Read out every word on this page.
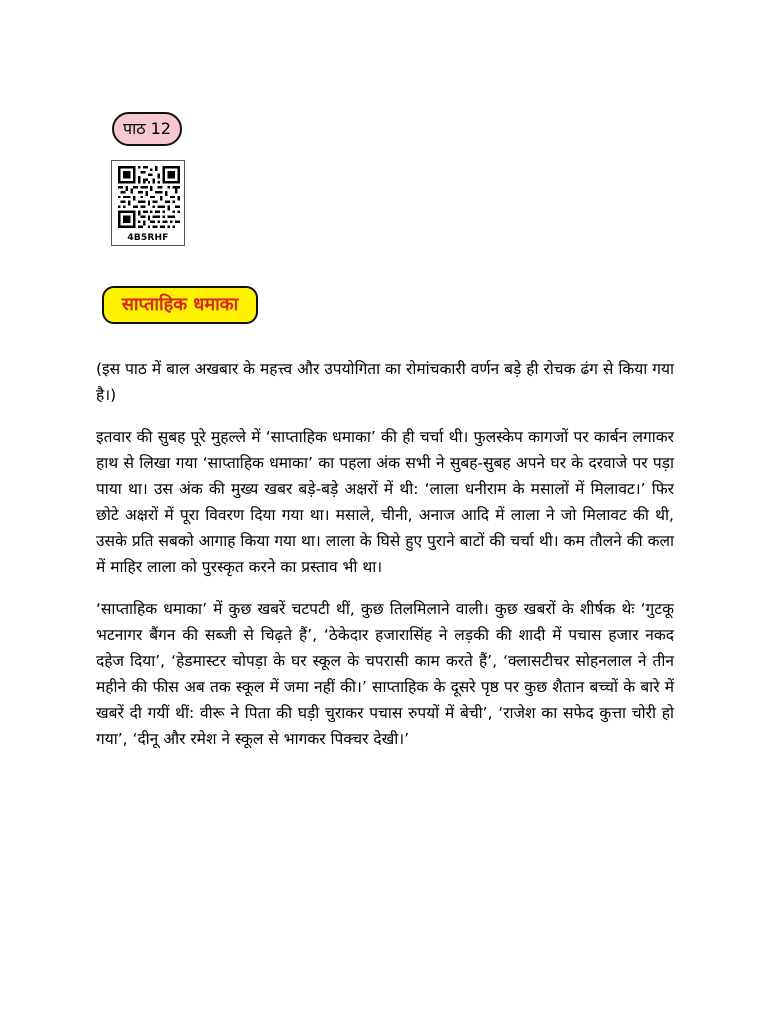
पाठ 12
4B5RHF
साप्ताहिक धमाका

(इस पाठ में बाल अखबार के महत्त्व और उपयोगिता का रोमांचकारी वर्णन बड़े ही रोचक ढंग से किया गया है।)

इतवार की सुबह पूरे मुहल्ले में ‘साप्ताहिक धमाका’ की ही चर्चा थी। फुलस्केप कागजों पर कार्बन लगाकर हाथ से लिखा गया ‘साप्ताहिक धमाका’ का पहला अंक सभी ने सुबह-सुबह अपने घर के दरवाजे पर पड़ा पाया था। उस अंक की मुख्य खबर बड़े-बड़े अक्षरों में थी: ‘लाला धनीराम के मसालों में मिलावट।’ फिर छोटे अक्षरों में पूरा विवरण दिया गया था। मसाले, चीनी, अनाज आदि में लाला ने जो मिलावट की थी, उसके प्रति सबको आगाह किया गया था। लाला के घिसे हुए पुराने बाटों की चर्चा थी। कम तौलने की कला में माहिर लाला को पुरस्कृत करने का प्रस्ताव भी था।

‘साप्ताहिक धमाका’ में कुछ खबरें चटपटी थीं, कुछ तिलमिलाने वाली। कुछ खबरों के शीर्षक थेः ‘गुटकू भटनागर बैंगन की सब्जी से चिढ़ते हैं’, ‘ठेकेदार हजारासिंह ने लड़की की शादी में पचास हजार नकद दहेज दिया’, ‘हेडमास्टर चोपड़ा के घर स्कूल के चपरासी काम करते हैं’, ‘क्लासटीचर सोहनलाल ने तीन महीने की फीस अब तक स्कूल में जमा नहीं की।’ साप्ताहिक के दूसरे पृष्ठ पर कुछ शैतान बच्चों के बारे में खबरें दी गयीं थीं: वीरू ने पिता की घड़ी चुराकर पचास रुपयों में बेची’, ‘राजेश का सफेद कुत्ता चोरी हो गया’, ‘दीनू और रमेश ने स्कूल से भागकर पिक्चर देखी।’
